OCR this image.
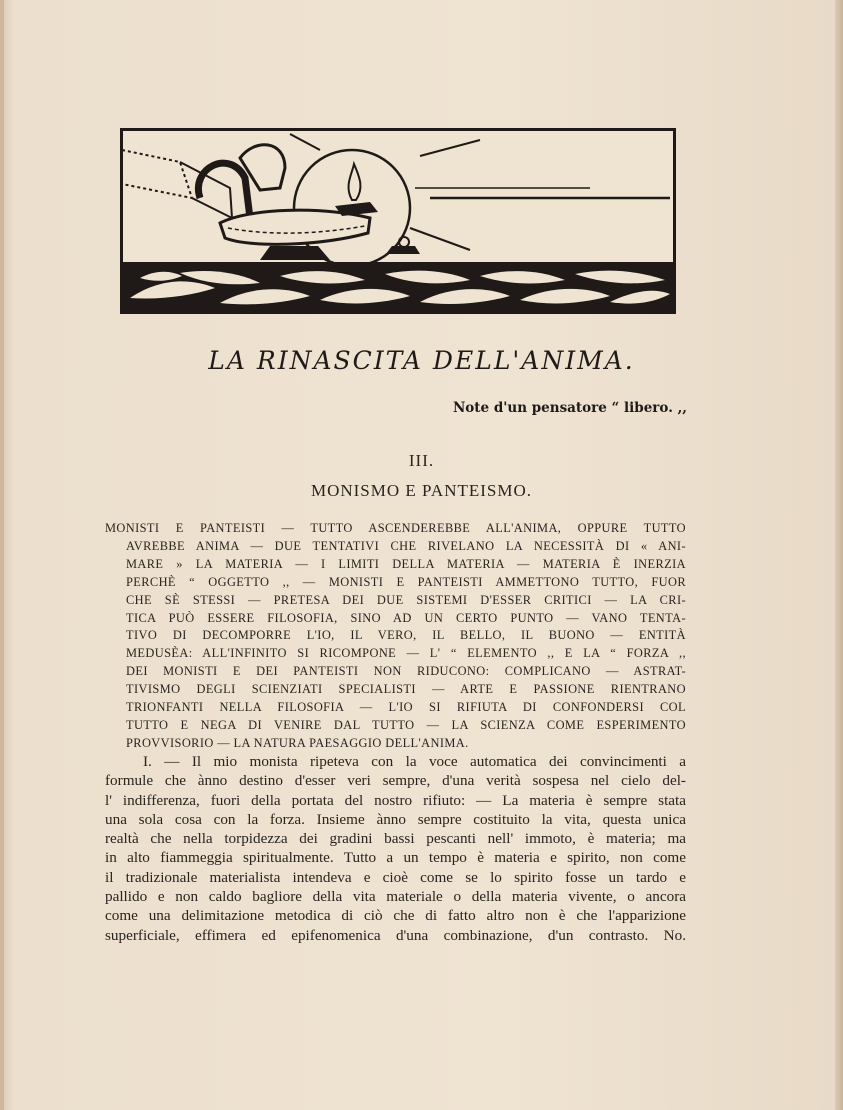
LA RINASCITA DELL'ANIMA.
Note d'un pensatore “ libero. ,,
III.
MONISMO E PANTEISMO.
MONISTI E PANTEISTI — TUTTO ASCENDEREBBE ALL'ANIMA, OPPURE TUTTO
AVREBBE ANIMA — DUE TENTATIVI CHE RIVELANO LA NECESSITÀ DI « ANI-
MARE » LA MATERIA — I LIMITI DELLA MATERIA — MATERIA È INERZIA
PERCHÈ “ OGGETTO ,, — MONISTI E PANTEISTI AMMETTONO TUTTO, FUOR
CHE SÈ STESSI — PRETESA DEI DUE SISTEMI D'ESSER CRITICI — LA CRI-
TICA PUÒ ESSERE FILOSOFIA, SINO AD UN CERTO PUNTO — VANO TENTA-
TIVO DI DECOMPORRE L'IO, IL VERO, IL BELLO, IL BUONO — ENTITÀ
MEDUSÈA: ALL'INFINITO SI RICOMPONE — L' “ ELEMENTO ,, E LA “ FORZA ,,
DEI MONISTI E DEI PANTEISTI NON RIDUCONO: COMPLICANO — ASTRAT-
TIVISMO DEGLI SCIENZIATI SPECIALISTI — ARTE E PASSIONE RIENTRANO
TRIONFANTI NELLA FILOSOFIA — L'IO SI RIFIUTA DI CONFONDERSI COL
TUTTO E NEGA DI VENIRE DAL TUTTO — LA SCIENZA COME ESPERIMENTO
PROVVISORIO — LA NATURA PAESAGGIO DELL'ANIMA.
I. — Il mio monista ripeteva con la voce automatica dei convincimenti a
formule che ànno destino d'esser veri sempre, d'una verità sospesa nel cielo del-
l' indifferenza, fuori della portata del nostro rifiuto: — La materia è sempre stata
una sola cosa con la forza. Insieme ànno sempre costituito la vita, questa unica
realtà che nella torpidezza dei gradini bassi pescanti nell' immoto, è materia; ma
in alto fiammeggia spiritualmente. Tutto a un tempo è materia e spirito, non come
il tradizionale materialista intendeva e cioè come se lo spirito fosse un tardo e
pallido e non caldo bagliore della vita materiale o della materia vivente, o ancora
come una delimitazione metodica di ciò che di fatto altro non è che l'apparizione
superficiale, effimera ed epifenomenica d'una combinazione, d'un contrasto. No.
